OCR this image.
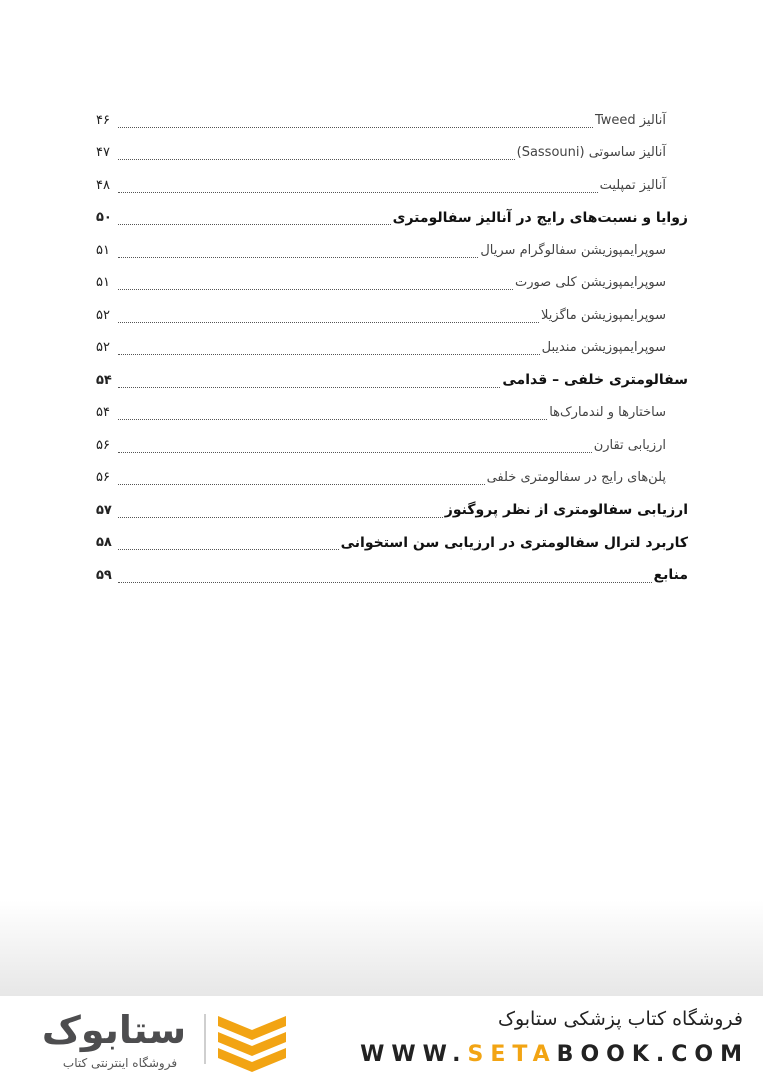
آنالیز Tweed
۴۶
آنالیز ساسوتی (Sassouni)
۴۷
آنالیز تمپلیت
۴۸
زوایا و نسبت‌های رایج در آنالیز سفالومتری
۵۰
سوپرایمپوزیشن سفالوگرام سریال
۵۱
سوپرایمپوزیشن کلی صورت
۵۱
سوپرایمپوزیشن ماگزیلا
۵۲
سوپرایمپوزیشن مندیبل
۵۲
سفالومتری خلفی – قدامی
۵۴
ساختارها و لندمارک‌ها
۵۴
ارزیابی تقارن
۵۶
پلن‌های رایج در سفالومتری خلفی
۵۶
ارزیابی سفالومتری از نظر پروگنوز
۵۷
کاربرد لترال سفالومتری در ارزیابی سن استخوانی
۵۸
منابع
۵۹
ستابوک
فروشگاه اینترنتی کتاب
فروشگاه کتاب پزشکی ستابوک
WWW.SETABOOK.COM
